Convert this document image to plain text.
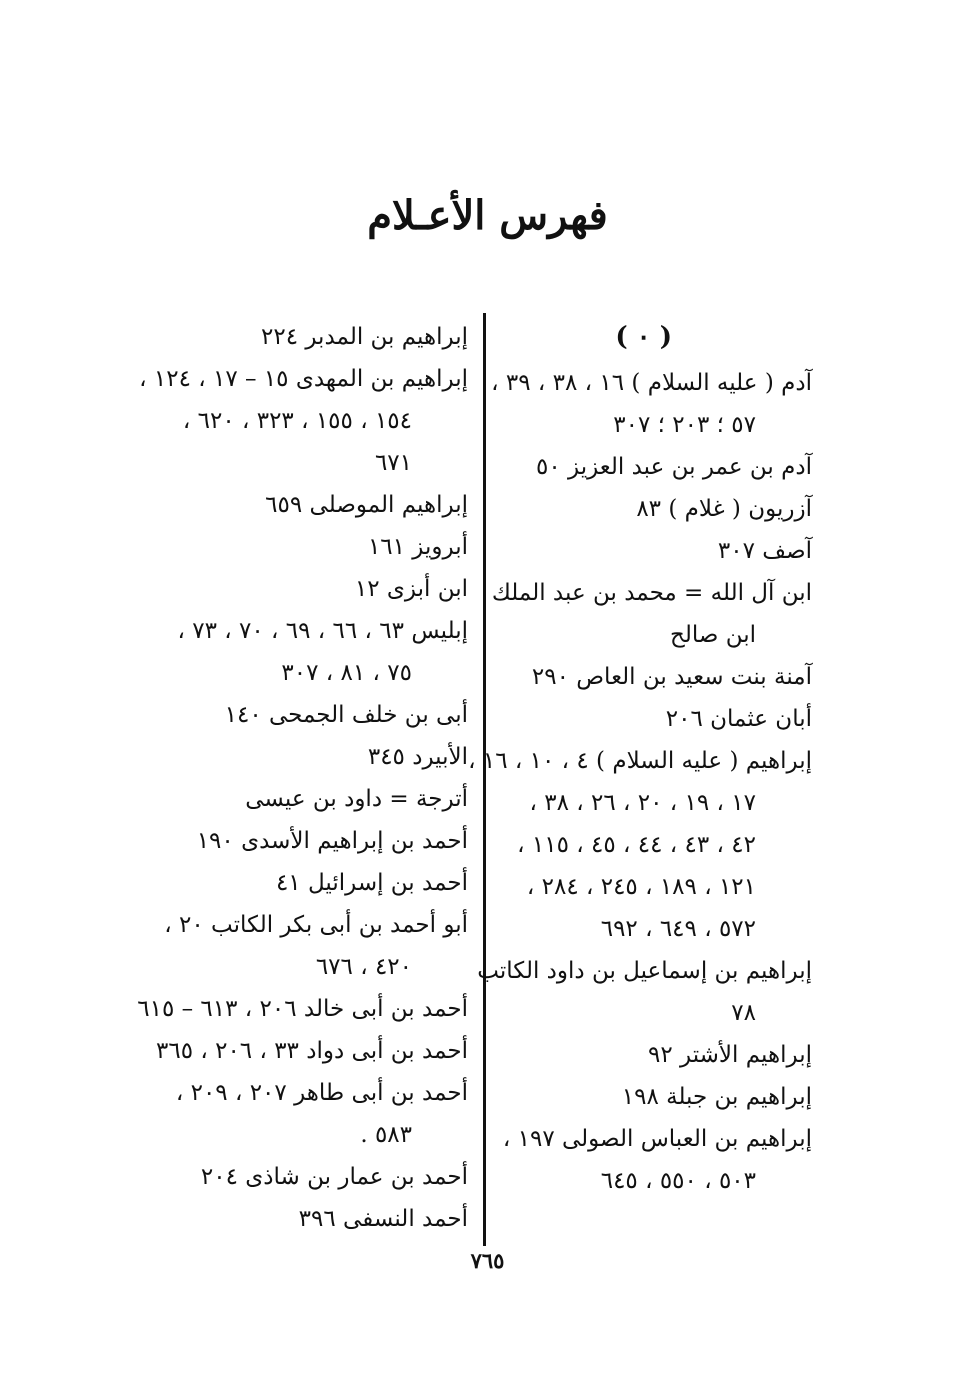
فهرس الأعـلام
( ٠ )
آدم ( عليه السلام ) ١٦ ، ٣٨ ، ٣٩ ،
٥٧ ؛ ٢٠٣ ؛ ٣٠٧
آدم بن عمر بن عبد العزيز ٥٠
آزريون ( غلام ) ٨٣
آصف ٣٠٧
ابن آل الله = محمد بن عبد الملك
ابن صالح
آمنة بنت سعيد بن العاص ٢٩٠
أبان عثمان ٢٠٦
إبراهيم ( عليه السلام ) ٤ ، ١٠ ، ١٦ ،
١٧ ، ١٩ ، ٢٠ ، ٢٦ ، ٣٨ ،
٤٢ ، ٤٣ ، ٤٤ ، ٤٥ ، ١١٥ ،
١٢١ ، ١٨٩ ، ٢٤٥ ، ٢٨٤ ،
٥٧٢ ، ٦٤٩ ، ٦٩٢
إبراهيم بن إسماعيل بن داود الكاتب
٧٨
إبراهيم الأشتر ٩٢
إبراهيم بن جبلة ١٩٨
إبراهيم بن العباس الصولى ١٩٧ ،
٥٠٣ ، ٥٥٠ ، ٦٤٥
إبراهيم بن المدبر ٢٢٤
إبراهيم بن المهدى ١٥ – ١٧ ، ١٢٤ ،
١٥٤ ، ١٥٥ ، ٣٢٣ ، ٦٢٠ ،
٦٧١
إبراهيم الموصلى ٦٥٩
أبرويز ١٦١
ابن أبزى ١٢
إبليس ٦٣ ، ٦٦ ، ٦٩ ، ٧٠ ، ٧٣ ،
٧٥ ، ٨١ ، ٣٠٧
أبى بن خلف الجمحى ١٤٠
الأبيرد ٣٤٥
أترجة = داود بن عيسى
أحمد بن إبراهيم الأسدى ١٩٠
أحمد بن إسرائيل ٤١
أبو أحمد بن أبى بكر الكاتب ٢٠ ،
٤٢٠ ، ٦٧٦
أحمد بن أبى خالد ٢٠٦ ، ٦١٣ – ٦١٥
أحمد بن أبى دواد ٣٣ ، ٢٠٦ ، ٣٦٥
أحمد بن أبى طاهر ٢٠٧ ، ٢٠٩ ،
٥٨٣ .
أحمد بن عمار بن شاذى ٢٠٤
أحمد النسفى ٣٩٦
٧٦٥
